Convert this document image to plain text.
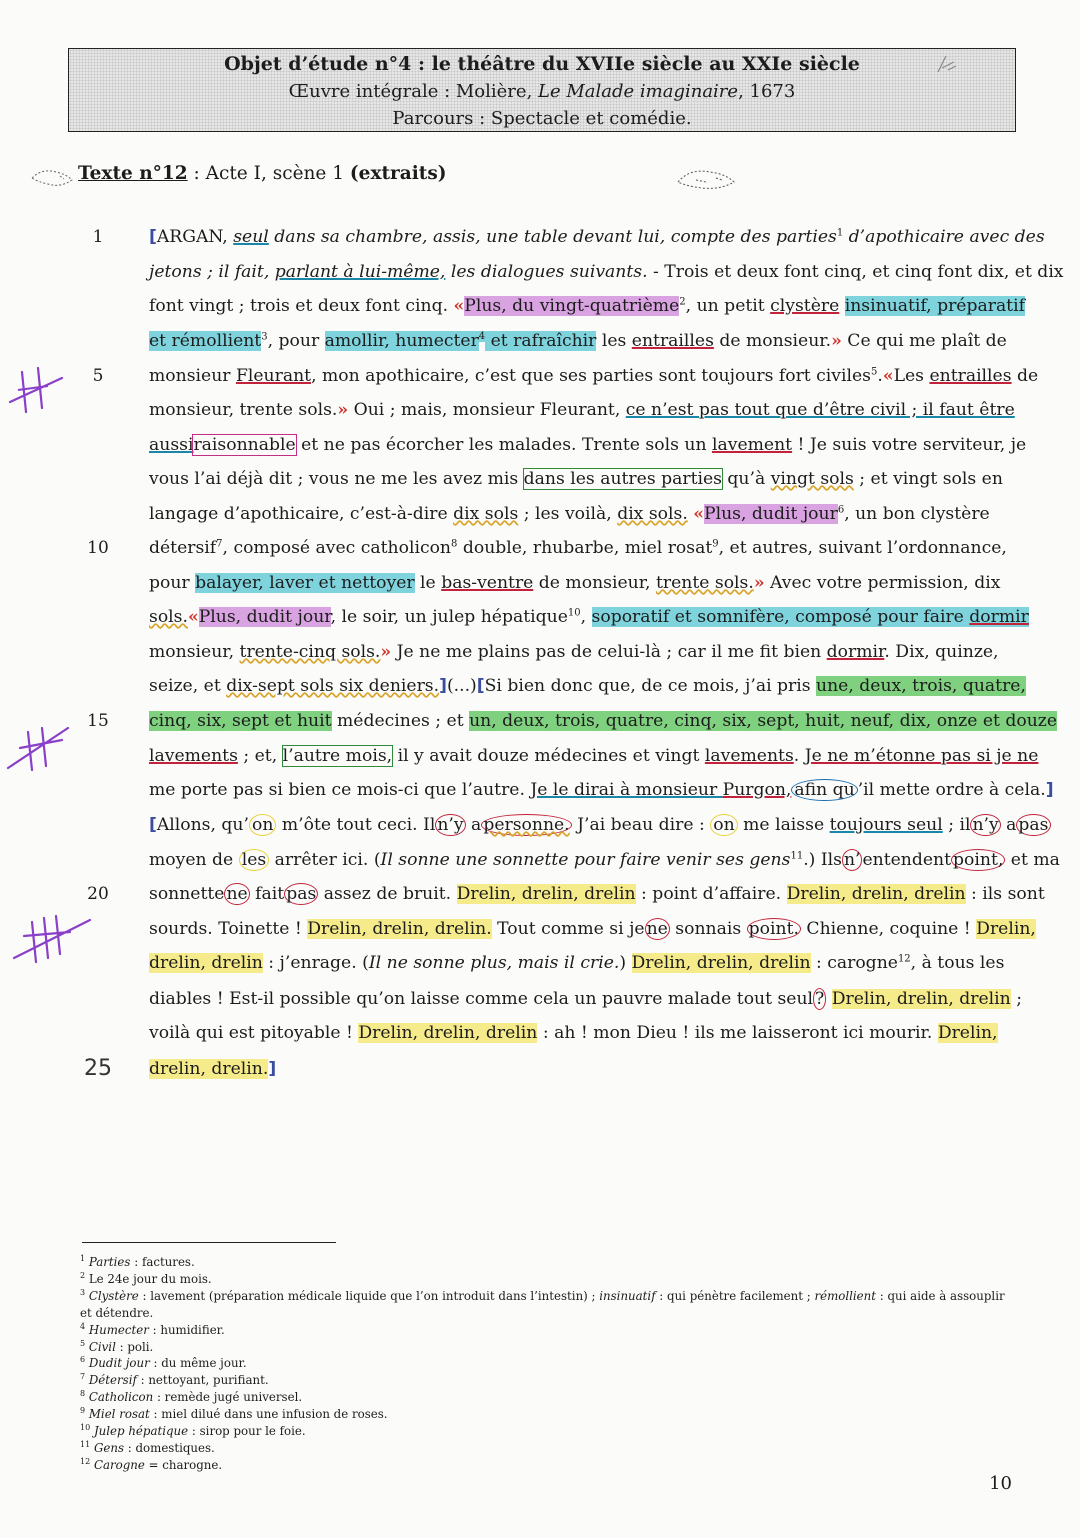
Objet d’étude n°4 : le théâtre du XVIIe siècle au XXIe siècle
Œuvre intégrale : Molière, Le Malade imaginaire, 1673
Parcours : Spectacle et comédie.
Texte n°12 : Acte I, scène 1 (extraits)
1
5
10
15
20
25
[ARGAN, seul dans sa chambre, assis, une table devant lui, compte des parties$^1$ d’apothicaire avec des
jetons ; il fait, parlant à lui-même, les dialogues suivants. - Trois et deux font cinq, et cinq font dix, et dix
font vingt ; trois et deux font cinq. «Plus, du vingt-quatrième$^2$, un petit clystère insinuatif, préparatif
et rémollient$^3$, pour amollir, humecter$^4$ et rafraîchir les entrailles de monsieur.» Ce qui me plaît de
monsieur Fleurant, mon apothicaire, c’est que ses parties sont toujours fort civiles$^5$.«Les entrailles de
monsieur, trente sols.» Oui ; mais, monsieur Fleurant, ce n’est pas tout que d’être civil ; il faut être
aussiraisonnable et ne pas écorcher les malades. Trente sols un lavement ! Je suis votre serviteur, je
vous l’ai déjà dit ; vous ne me les avez mis dans les autres parties qu’à vingt sols ; et vingt sols en
langage d’apothicaire, c’est-à-dire dix sols ; les voilà, dix sols. «Plus, dudit jour$^6$, un bon clystère
détersif$^7$, composé avec catholicon$^8$ double, rhubarbe, miel rosat$^9$, et autres, suivant l’ordonnance,
pour balayer, laver et nettoyer le bas-ventre de monsieur, trente sols.» Avec votre permission, dix
sols.«Plus, dudit jour, le soir, un julep hépatique$^{10}$, soporatif et somnifère, composé pour faire dormir
monsieur, trente-cinq sols.» Je ne me plains pas de celui-là ; car il me fit bien dormir. Dix, quinze,
seize, et dix-sept sols six deniers.](...)[Si bien donc que, de ce mois, j’ai pris une, deux, trois, quatre,
cinq, six, sept et huit médecines ; et un, deux, trois, quatre, cinq, six, sept, huit, neuf, dix, onze et douze
lavements ; et, l’autre mois, il y avait douze médecines et vingt lavements. Je ne m’étonne pas si je ne
me porte pas si bien ce mois-ci que l’autre. Je le dirai à monsieur Purgon, afin qu ’il mette ordre à cela.]
[Allons, qu’ on m’ôte tout ceci. Il n’y a personne. J’ai beau dire : on me laisse toujours seul ; il n’y a pas
moyen de les arrêter ici. (Il sonne une sonnette pour faire venir ses gens$^{11}$.) Ils n’ entendent point, et ma
sonnette ne fait pas assez de bruit. Drelin, drelin, drelin : point d’affaire. Drelin, drelin, drelin : ils sont
sourds. Toinette ! Drelin, drelin, drelin. Tout comme si je ne sonnais point. Chienne, coquine ! Drelin,
drelin, drelin : j’enrage. (Il ne sonne plus, mais il crie.) Drelin, drelin, drelin : carogne$^{12}$, à tous les
diables ! Est-il possible qu’on laisse comme cela un pauvre malade tout seul ? Drelin, drelin, drelin ;
voilà qui est pitoyable ! Drelin, drelin, drelin : ah ! mon Dieu ! ils me laisseront ici mourir. Drelin,
drelin, drelin.]
$^1$ Parties : factures.
$^2$ Le 24e jour du mois.
$^3$ Clystère : lavement (préparation médicale liquide que l’on introduit dans l’intestin) ; insinuatif : qui pénètre facilement ; rémollient : qui aide à assouplir et détendre.
$^4$ Humecter : humidifier.
$^5$ Civil : poli.
$^6$ Dudit jour : du même jour.
$^7$ Détersif : nettoyant, purifiant.
$^8$ Catholicon : remède jugé universel.
$^9$ Miel rosat : miel dilué dans une infusion de roses.
$^{10}$ Julep hépatique : sirop pour le foie.
$^{11}$ Gens : domestiques.
$^{12}$ Carogne = charogne.
10
